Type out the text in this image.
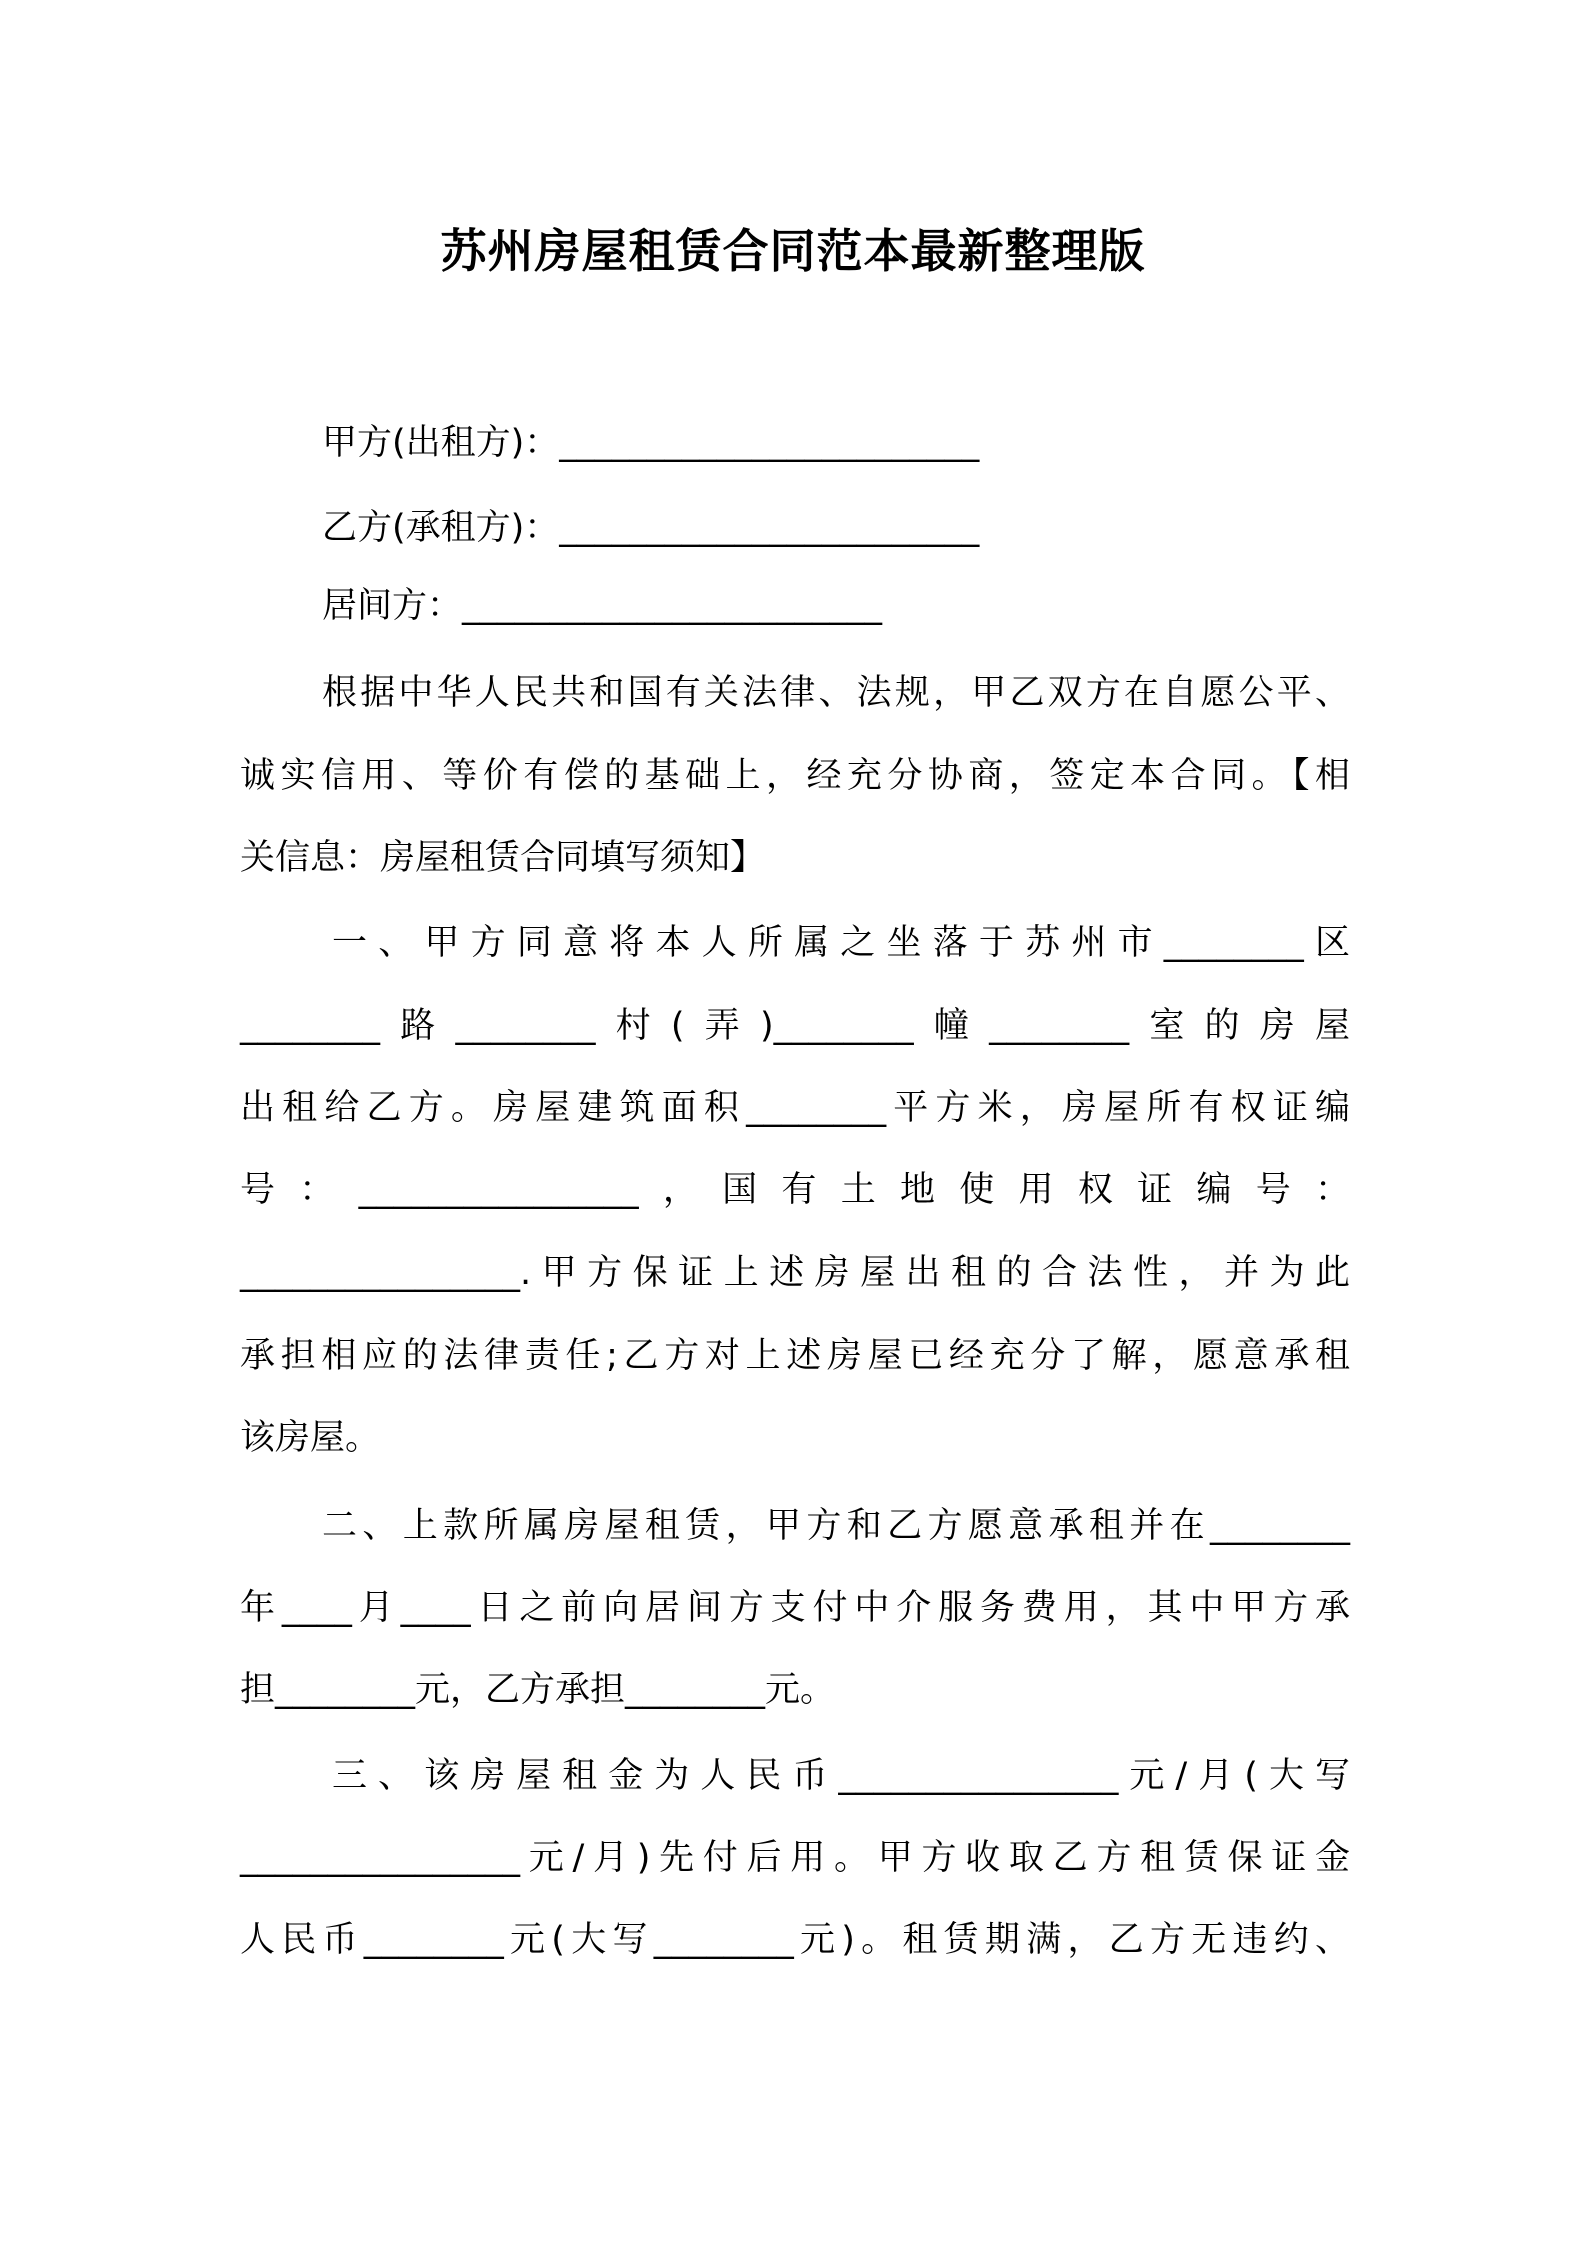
苏州房屋租赁合同范本最新整理版
甲方(出租方)：________________________
乙方(承租方)：________________________
居间方：________________________
根据中华人民共和国有关法律、法规，甲乙双方在自愿公平、
诚实信用、等价有偿的基础上，经充分协商，签定本合同。【相
关信息：房屋租赁合同填写须知】
一、甲方同意将本人所属之坐落于苏州市________区
________路________村(弄)________幢________室的房屋
出租给乙方。房屋建筑面积________平方米，房屋所有权证编
号：________________，国有土地使用权证编号：
________________.甲方保证上述房屋出租的合法性，并为此
承担相应的法律责任;乙方对上述房屋已经充分了解，愿意承租
该房屋。
二、上款所属房屋租赁，甲方和乙方愿意承租并在________
年____月____日之前向居间方支付中介服务费用，其中甲方承
担________元，乙方承担________元。
三、该房屋租金为人民币________________元/月(大写
________________元/月)先付后用。甲方收取乙方租赁保证金
人民币________元(大写________元)。租赁期满，乙方无违约、
